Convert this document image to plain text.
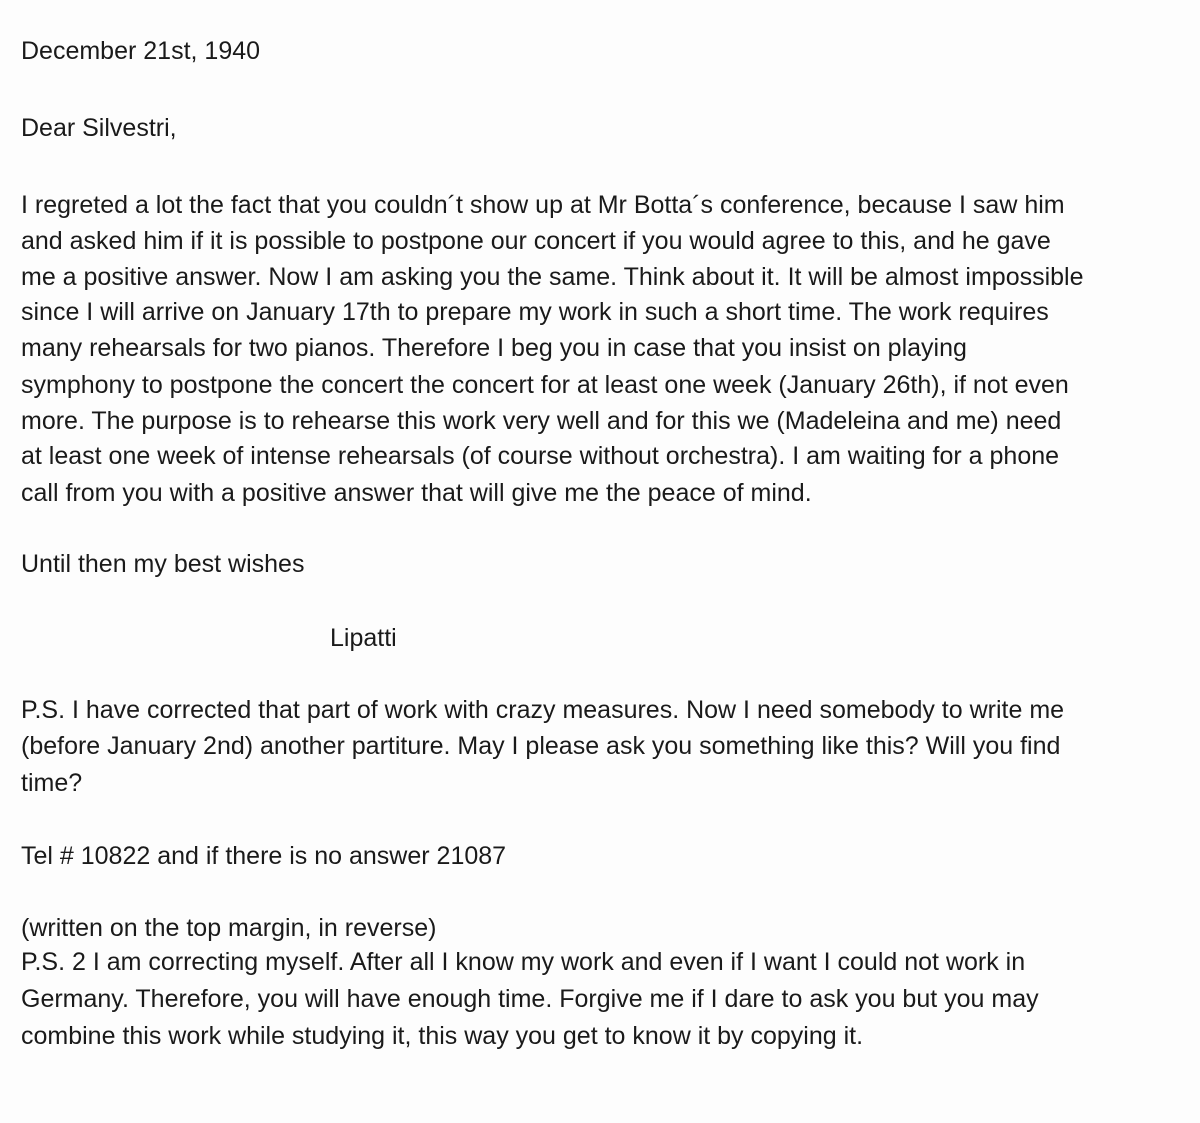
December 21st, 1940

Dear Silvestri,

I regreted a lot the fact that you couldn´t show up at Mr Botta´s conference, because I saw him

and asked him if it is possible to postpone our concert if you would agree to this, and he gave

me a positive answer. Now I am asking you the same. Think about it. It will be almost impossible

since I will arrive on January 17th to prepare my work in such a short time. The work requires

many rehearsals for two pianos. Therefore I beg you in case that you insist on playing

symphony to postpone the concert the concert for at least one week (January 26th), if not even

more. The purpose is to rehearse this work very well and for this we (Madeleina and me) need

at least one week of intense rehearsals (of course without orchestra). I am waiting for a phone

call from you with a positive answer that will give me the peace of mind.

Until then my best wishes

Lipatti

P.S. I have corrected that part of work with crazy measures. Now I need somebody to write me

(before January 2nd) another partiture. May I please ask you something like this? Will you find

time?

Tel # 10822 and if there is no answer 21087

(written on the top margin, in reverse)

P.S. 2 I am correcting myself. After all I know my work and even if I want I could not work in

Germany. Therefore, you will have enough time. Forgive me if I dare to ask you but you may

combine this work while studying it, this way you get to know it by copying it.
